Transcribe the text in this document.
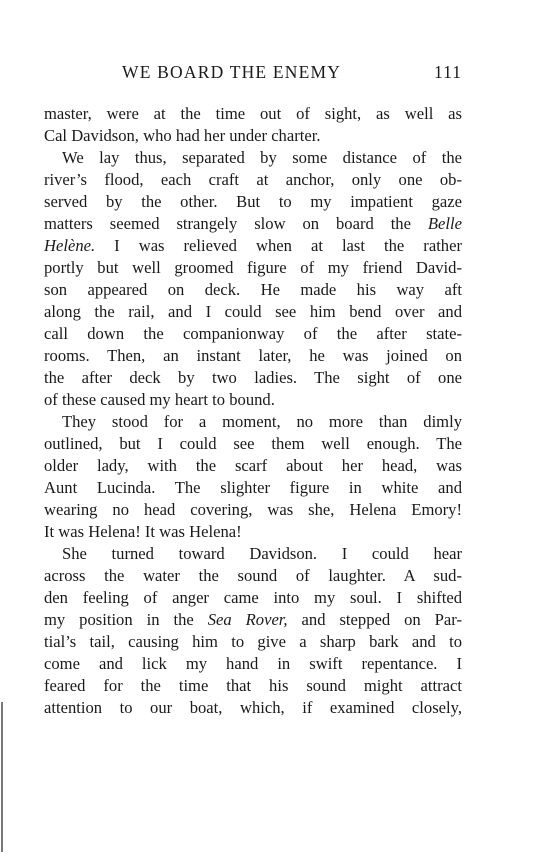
WE BOARD THE ENEMY	111
master, were at the time out of sight, as well as
Cal Davidson, who had her under charter.
We lay thus, separated by some distance of the
river’s flood, each craft at anchor, only one ob-
served by the other. But to my impatient gaze
matters seemed strangely slow on board the Belle
Helène. I was relieved when at last the rather
portly but well groomed figure of my friend David-
son appeared on deck. He made his way aft
along the rail, and I could see him bend over and
call down the companionway of the after state-
rooms. Then, an instant later, he was joined on
the after deck by two ladies. The sight of one
of these caused my heart to bound.
They stood for a moment, no more than dimly
outlined, but I could see them well enough. The
older lady, with the scarf about her head, was
Aunt Lucinda. The slighter figure in white and
wearing no head covering, was she, Helena Emory!
It was Helena! It was Helena!
She turned toward Davidson. I could hear
across the water the sound of laughter. A sud-
den feeling of anger came into my soul. I shifted
my position in the Sea Rover, and stepped on Par-
tial’s tail, causing him to give a sharp bark and to
come and lick my hand in swift repentance. I
feared for the time that his sound might attract
attention to our boat, which, if examined closely,
